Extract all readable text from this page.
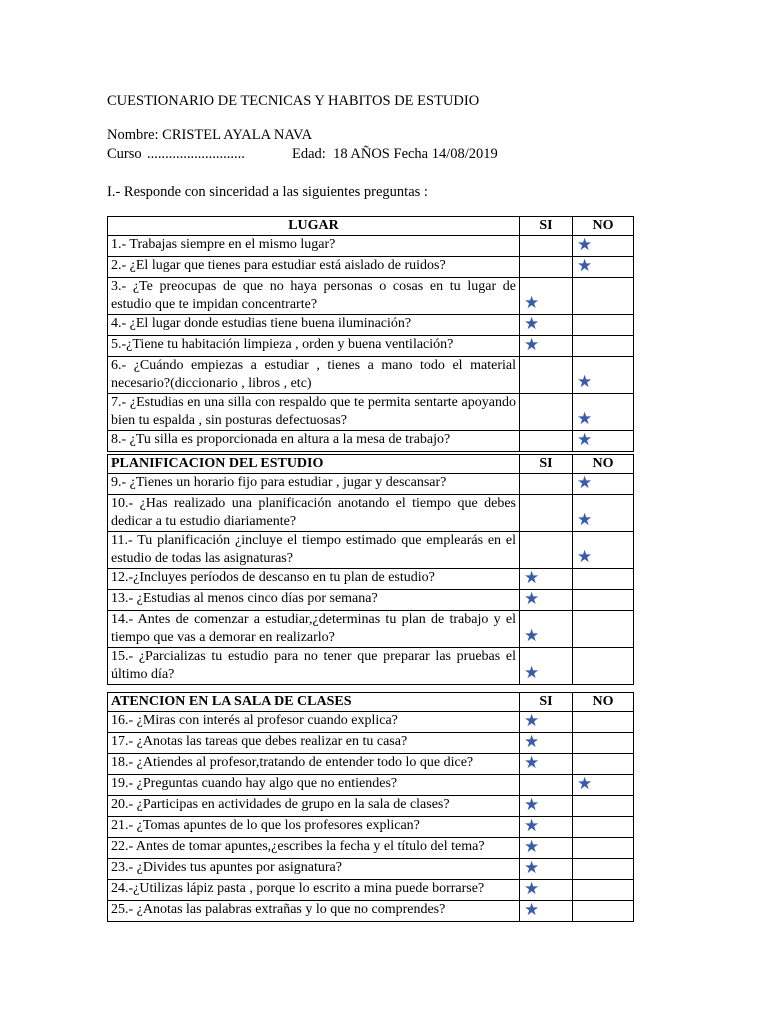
CUESTIONARIO DE TECNICAS Y HABITOS DE ESTUDIO
Nombre: CRISTEL AYALA NAVA
Curso ...........................	Edad:  18 AÑOS Fecha 14/08/2019
I.- Responde con sinceridad a las siguientes preguntas :
LUGAR	SI	NO
1.- Trabajas siempre en el mismo lugar?		★
2.- ¿El lugar que tienes para estudiar está aislado de ruidos?		★
3.- ¿Te preocupas de que no haya personas o cosas en tu lugar de estudio que te impidan concentrarte?	★	
4.- ¿El lugar donde estudias tiene buena iluminación?	★	
5.-¿Tiene tu habitación limpieza , orden y buena ventilación?	★	
6.- ¿Cuándo empiezas a estudiar , tienes a mano todo el material necesario?(diccionario , libros , etc)		★
7.- ¿Estudias en una silla con respaldo que te permita sentarte apoyando bien tu espalda , sin posturas defectuosas?		★
8.- ¿Tu silla es proporcionada en altura a la mesa de trabajo?		★
PLANIFICACION DEL ESTUDIO	SI	NO
9.- ¿Tienes un horario fijo para estudiar , jugar y descansar?		★
10.- ¿Has realizado una planificación anotando el tiempo que debes dedicar a tu estudio diariamente?		★
11.- Tu planificación ¿incluye el tiempo estimado que emplearás en el estudio de todas las asignaturas?		★
12.-¿Incluyes períodos de descanso en tu plan de estudio?	★	
13.- ¿Estudias al menos cinco días por semana?	★	
14.- Antes de comenzar a estudiar,¿determinas tu plan de trabajo y el tiempo que vas a demorar en realizarlo?	★	
15.- ¿Parcializas tu estudio para no tener que preparar las pruebas el último día?	★	
ATENCION EN LA SALA DE CLASES	SI	NO
16.- ¿Miras con interés al profesor cuando explica?	★	
17.- ¿Anotas las tareas que debes realizar en tu casa?	★	
18.- ¿Atiendes al profesor,tratando de entender todo lo que dice?	★	
19.- ¿Preguntas cuando hay algo que no entiendes?		★
20.- ¿Participas en actividades de grupo en la sala de clases?	★	
21.- ¿Tomas apuntes de lo que los profesores explican?	★	
22.- Antes de tomar apuntes,¿escribes la fecha y el título del tema?	★	
23.- ¿Divides tus apuntes por asignatura?	★	
24.-¿Utilizas lápiz pasta , porque lo escrito a mina puede borrarse?	★	
25.- ¿Anotas las palabras extrañas y lo que no comprendes?	★	
